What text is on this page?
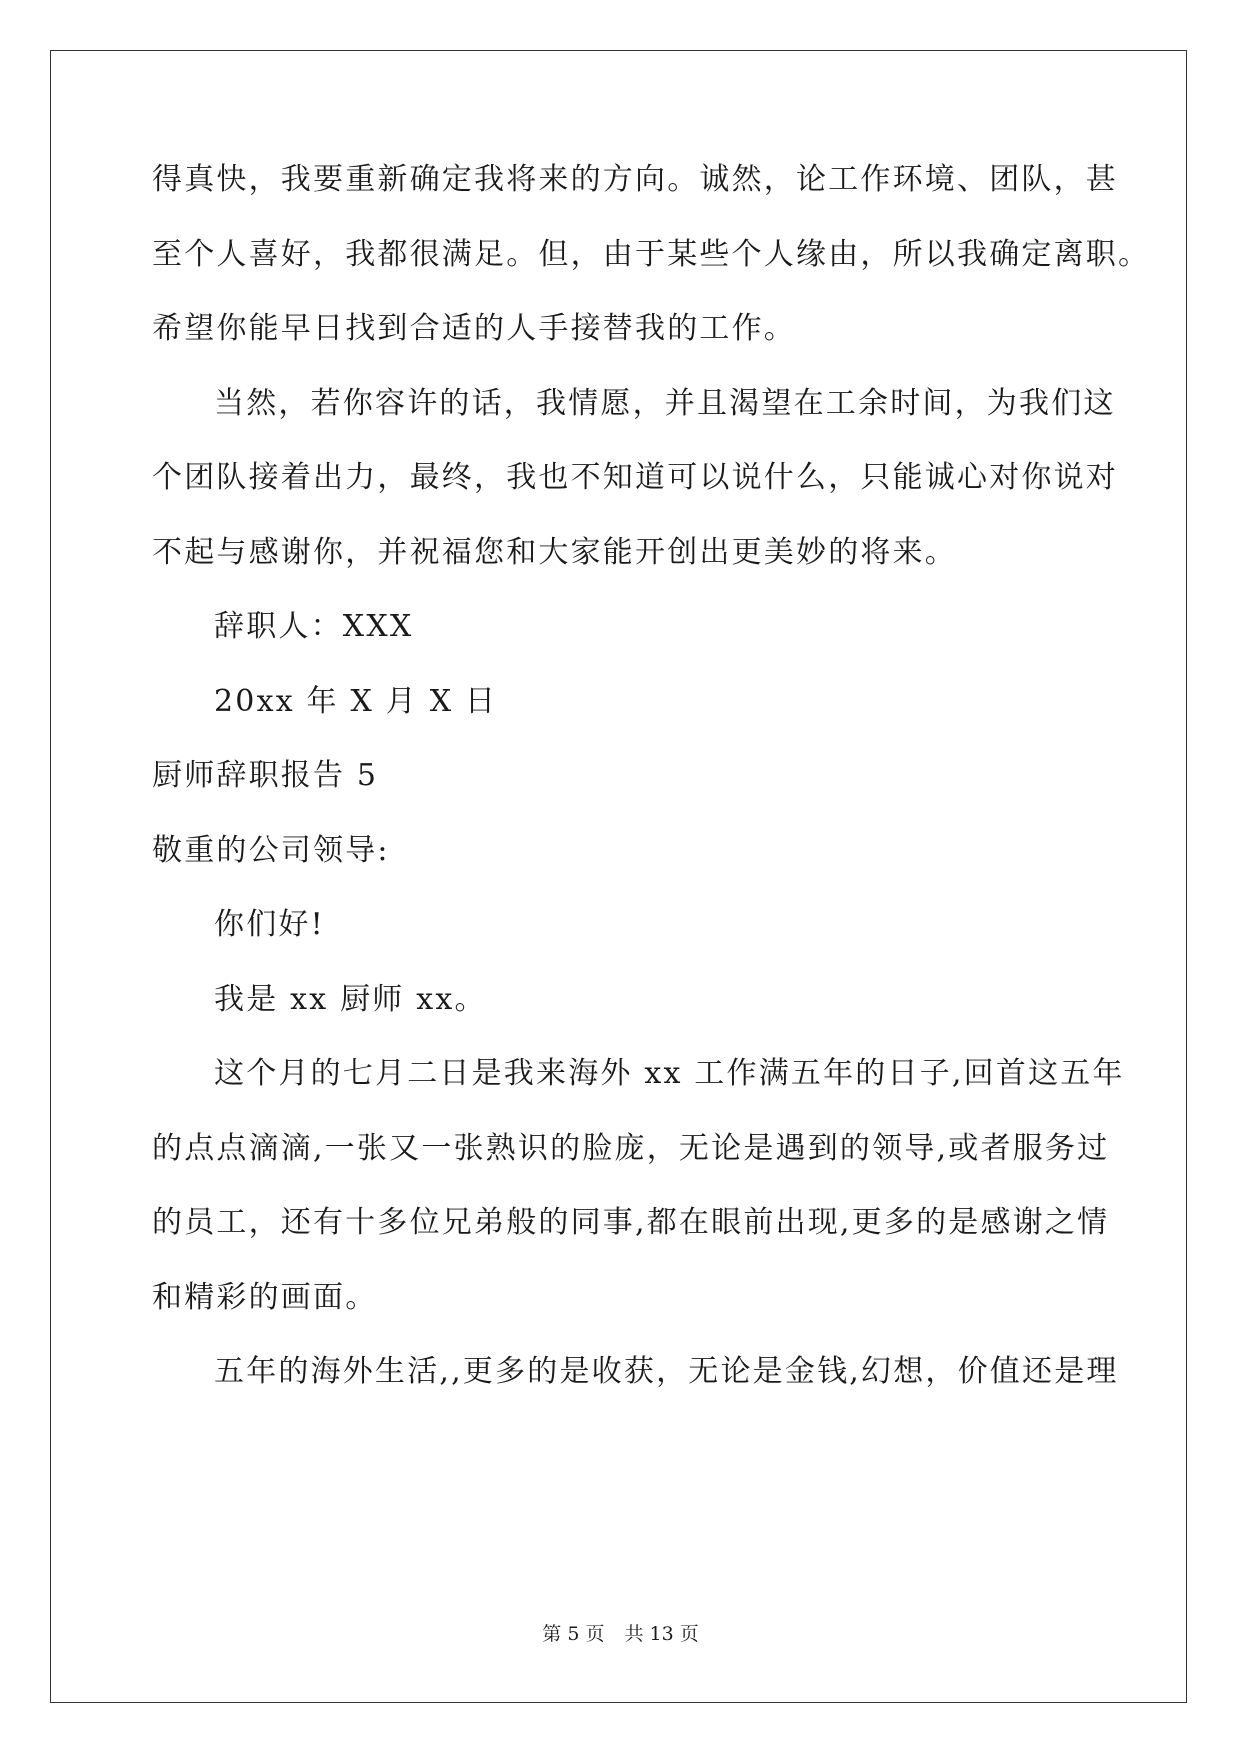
得真快，我要重新确定我将来的方向。诚然，论工作环境、团队，甚
至个人喜好，我都很满足。但，由于某些个人缘由，所以我确定离职。
希望你能早日找到合适的人手接替我的工作。
当然，若你容许的话，我情愿，并且渴望在工余时间，为我们这
个团队接着出力，最终，我也不知道可以说什么，只能诚心对你说对
不起与感谢你，并祝福您和大家能开创出更美妙的将来。
辞职人：XXX
20xx 年 X 月 X 日
厨师辞职报告 5
敬重的公司领导:
你们好!
我是 xx 厨师 xx。
这个月的七月二日是我来海外 xx 工作满五年的日子,回首这五年
的点点滴滴,一张又一张熟识的脸庞，无论是遇到的领导,或者服务过
的员工，还有十多位兄弟般的同事,都在眼前出现,更多的是感谢之情
和精彩的画面。
五年的海外生活,,更多的是收获，无论是金钱,幻想，价值还是理
第 5 页 共 13 页
